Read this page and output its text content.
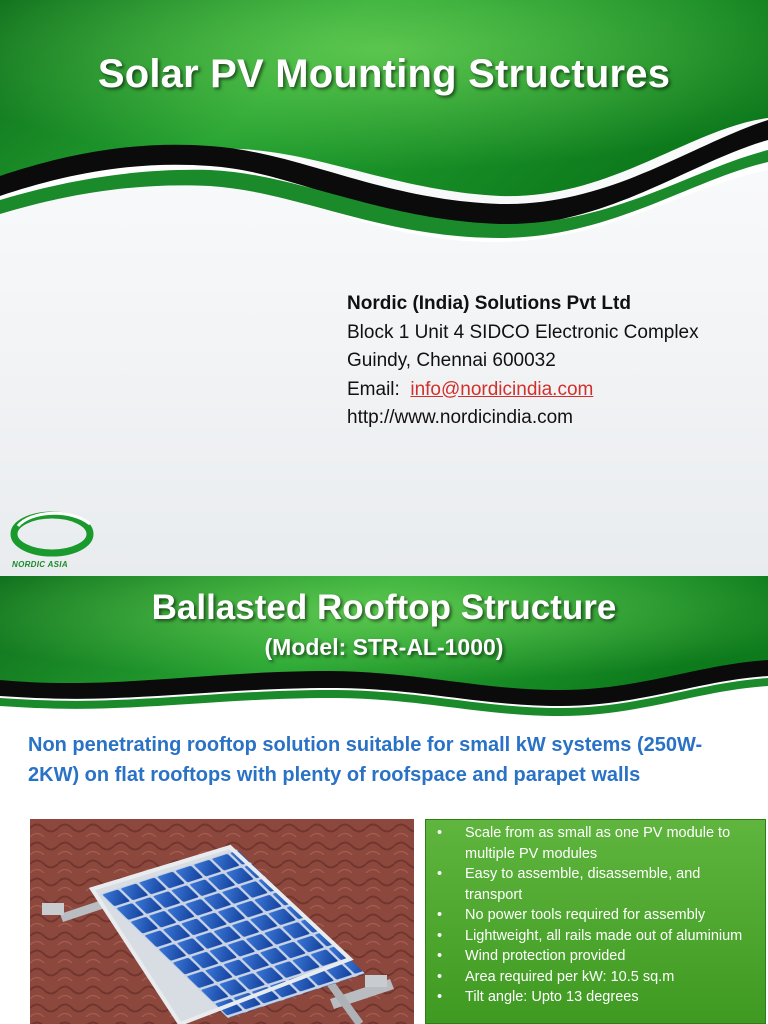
Solar PV Mounting Structures
Nordic (India) Solutions Pvt Ltd
Block 1 Unit 4 SIDCO Electronic Complex
Guindy, Chennai 600032
Email: info@nordicindia.com
http://www.nordicindia.com
NORDIC ASIA
Ballasted Rooftop Structure
(Model: STR-AL-1000)
Non penetrating rooftop solution suitable for small kW systems (250W-2KW) on flat rooftops with plenty of roofspace and parapet walls
• Scale from as small as one PV module to multiple PV modules
• Easy to assemble, disassemble, and transport
• No power tools required for assembly
• Lightweight, all rails made out of aluminium
• Wind protection provided
• Area required per kW: 10.5 sq.m
• Tilt angle: Upto 13 degrees
